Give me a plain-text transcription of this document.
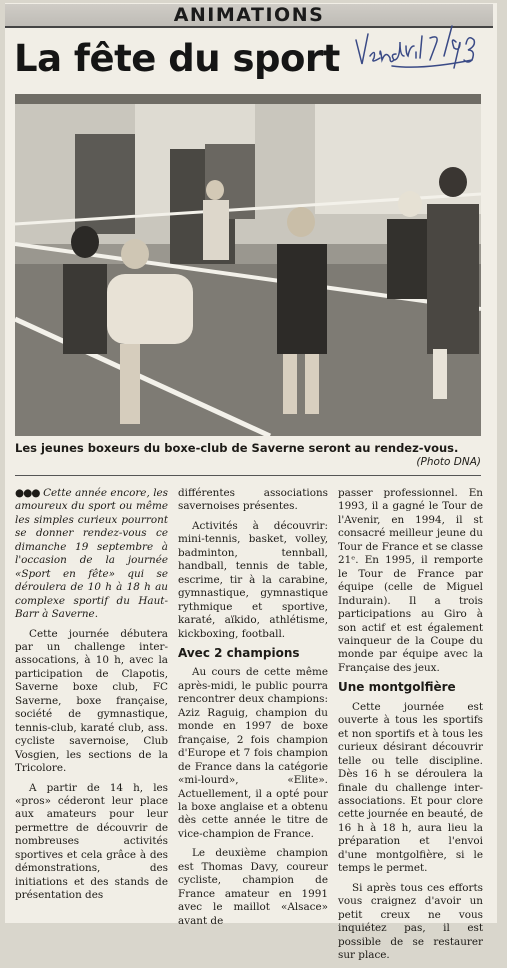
ANIMATIONS
La fête du sport
Les jeunes boxeurs du boxe-club de Saverne seront au rendez-vous.
(Photo DNA)

●●● Cette année encore, les amoureux du sport ou même les simples curieux pourront se donner rendez-vous ce dimanche 19 septembre à l'occasion de la journée «Sport en fête» qui se déroulera de 10 h à 18 h au complexe sportif du Haut-Barr à Saverne.

Cette journée débutera par un challenge inter-assocations, à 10 h, avec la participation de Clapotis, Saverne boxe club, FC Saverne, boxe française, société de gymnastique, tennis-club, karaté club, ass. cycliste savernoise, Club Vosgien, les sections de la Tricolore.

A partir de 14 h, les «pros» céderont leur place aux amateurs pour leur permettre de découvrir de nombreuses activités sportives et cela grâce à des démonstrations, des initiations et des stands de présentation des

différentes associations savernoises présentes.

Activités à découvrir: mini-tennis, basket, volley, badminton, tennball, handball, tennis de table, escrime, tir à la carabine, gymnastique, gymnastique rythmique et sportive, karaté, aïkido, athlétisme, kickboxing, football.

Avec 2 champions

Au cours de cette même après-midi, le public pourra rencontrer deux champions: Aziz Raguig, champion du monde en 1997 de boxe française, 2 fois champion d'Europe et 7 fois champion de France dans la catégorie «mi-lourd», «Elite». Actuellement, il a opté pour la boxe anglaise et a obtenu dès cette année le titre de vice-champion de France.

Le deuxième champion est Thomas Davy, coureur cycliste, champion de France amateur en 1991 avec le maillot «Alsace» avant de

passer professionnel. En 1993, il a gagné le Tour de l'Avenir, en 1994, il st consacré meilleur jeune du Tour de France et se classe 21ᵉ. En 1995, il remporte le Tour de France par équipe (celle de Miguel Indurain). Il a trois participations au Giro à son actif et est également vainqueur de la Coupe du monde par équipe avec la Française des jeux.

Une montgolfière

Cette journée est ouverte à tous les sportifs et non sportifs et à tous les curieux désirant découvrir telle ou telle discipline. Dès 16 h se déroulera la finale du challenge inter-associations. Et pour clore cette journée en beauté, de 16 h à 18 h, aura lieu la préparation et l'envoi d'une montgolfière, si le temps le permet.

Si après tous ces efforts vous craignez d'avoir un petit creux ne vous inquiétez pas, il est possible de se restaurer sur place.
